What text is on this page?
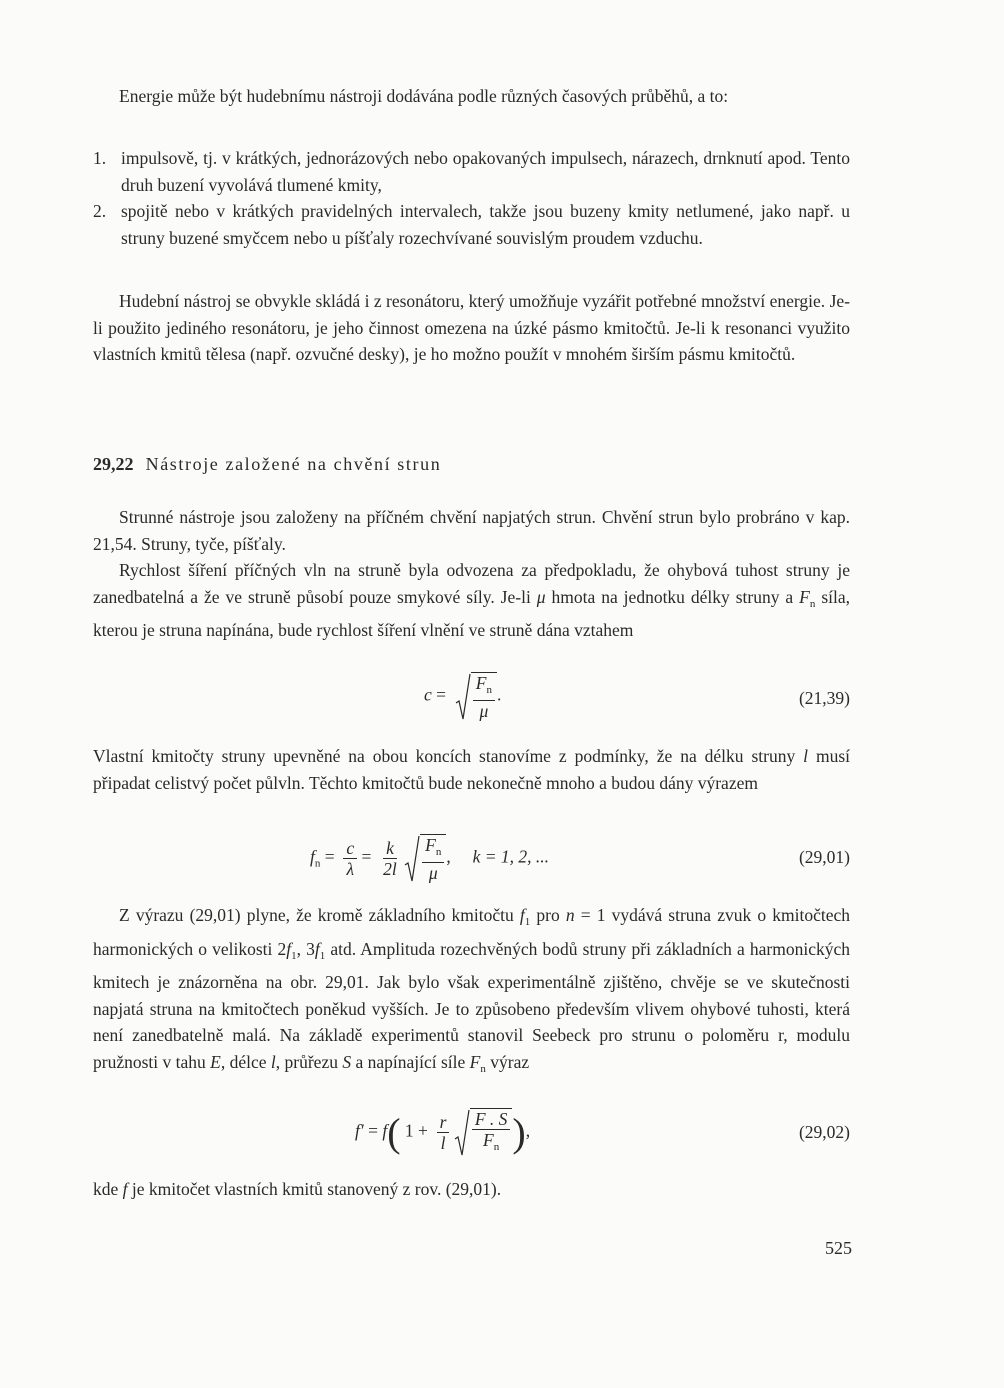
Energie může být hudebnímu nástroji dodávána podle různých časových průběhů, a to:

1. impulsově, tj. v krátkých, jednorázových nebo opakovaných impulsech, nárazech, drnknutí apod. Tento druh buzení vyvolává tlumené kmity,
2. spojitě nebo v krátkých pravidelných intervalech, takže jsou buzeny kmity netlumené, jako např. u struny buzené smyčcem nebo u píšťaly rozechvívané souvislým proudem vzduchu.

Hudební nástroj se obvykle skládá i z resonátoru, který umožňuje vyzářit potřebné množství energie. Je-li použito jediného resonátoru, je jeho činnost omezena na úzké pásmo kmitočtů. Je-li k resonanci využito vlastních kmitů tělesa (např. ozvučné desky), je ho možno použít v mnohém širším pásmu kmitočtů.

29,22 Nástroje založené na chvění strun

Strunné nástroje jsou založeny na příčném chvění napjatých strun. Chvění strun bylo probráno v kap. 21,54. Struny, tyče, píšťaly.

Rychlost šíření příčných vln na struně byla odvozena za předpokladu, že ohybová tuhost struny je zanedbatelná a že ve struně působí pouze smykové síly. Je-li μ hmota na jednotku délky struny a $F_n$ síla, kterou je struna napínána, bude rychlost šíření vlnění ve struně dána vztahem

$c = \frac{F_n}{\mu}$ .	(21,39)

Vlastní kmitočty struny upevněné na obou koncích stanovíme z podmínky, že na délku struny l musí připadat celistvý počet půlvln. Těchto kmitočtů bude nekonečně mnoho a budou dány výrazem

$f_n = \frac{c}{\lambda} = \frac{k}{2l}$
$\frac{F_n}{\mu}$ , k = 1, 2, ...	(29,01)

Z výrazu (29,01) plyne, že kromě základního kmitočtu $f_1$ pro n = 1 vydává struna zvuk o kmitočtech harmonických o velikosti $2f_1$, $3f_1$ atd. Amplituda rozechvěných bodů struny při základních a harmonických kmitech je znázorněna na obr. 29,01. Jak bylo však experimentálně zjištěno, chvěje se ve skutečnosti napjatá struna na kmitočtech poněkud vyšších. Je to způsobeno především vlivem ohybové tuhosti, která není zanedbatelně malá. Na základě experimentů stanovil Seebeck pro strunu o poloměru r, modulu pružnosti v tahu E, délce l, průřezu S a napínající síle $F_n$ výraz

f′ = f( $1 + \frac{r}{l}$
$\frac{F . S}{F_n}$ ),	(29,02)

kde f je kmitočet vlastních kmitů stanovený z rov. (29,01).

525
